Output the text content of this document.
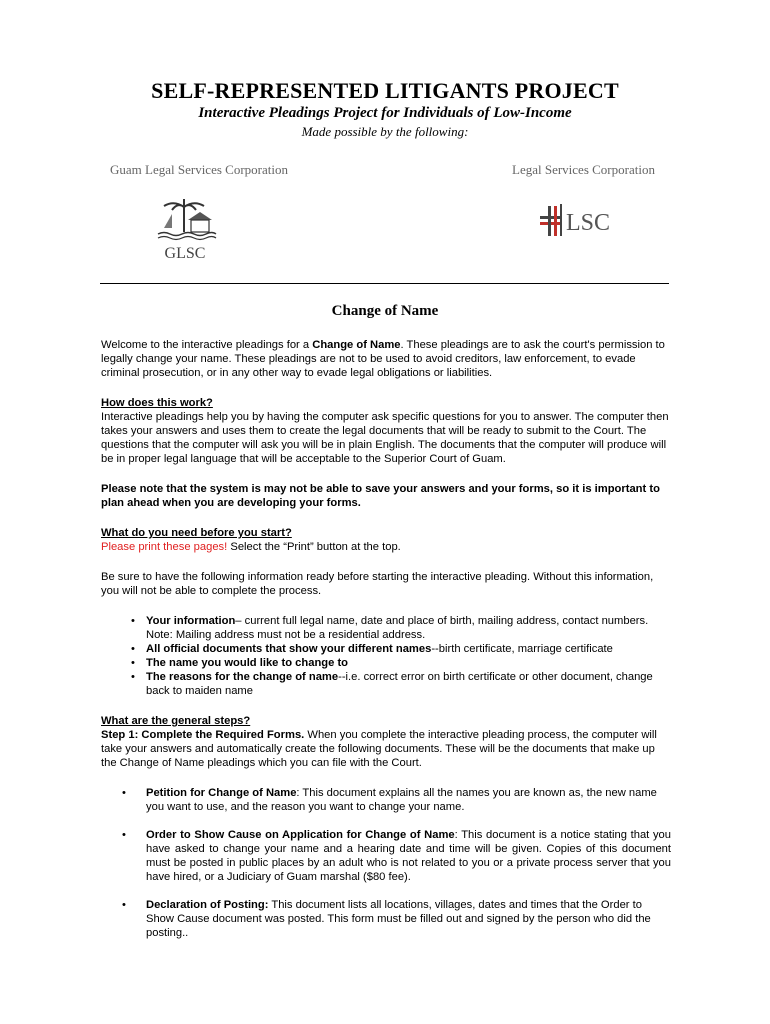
SELF-REPRESENTED LITIGANTS PROJECT
Interactive Pleadings Project for Individuals of Low-Income
Made possible by the following:
Guam Legal Services Corporation	Legal Services Corporation
GLSC
LSC
Change of Name

Welcome to the interactive pleadings for a Change of Name. These pleadings are to ask the court's permission to legally change your name. These pleadings are not to be used to avoid creditors, law enforcement, to evade criminal prosecution, or in any other way to evade legal obligations or liabilities.

How does this work?

Interactive pleadings help you by having the computer ask specific questions for you to answer. The computer then takes your answers and uses them to create the legal documents that will be ready to submit to the Court. The questions that the computer will ask you will be in plain English. The documents that the computer will produce will be in proper legal language that will be acceptable to the Superior Court of Guam.

Please note that the system is may not be able to save your answers and your forms, so it is important to plan ahead when you are developing your forms.

What do you need before you start?

Please print these pages! Select the “Print” button at the top.

Be sure to have the following information ready before starting the interactive pleading. Without this information, you will not be able to complete the process.

• Your information– current full legal name, date and place of birth, mailing address, contact numbers. Note: Mailing address must not be a residential address.
• All official documents that show your different names--birth certificate, marriage certificate
• The name you would like to change to
• The reasons for the change of name--i.e. correct error on birth certificate or other document, change back to maiden name

What are the general steps?

Step 1: Complete the Required Forms. When you complete the interactive pleading process, the computer will take your answers and automatically create the following documents. These will be the documents that make up the Change of Name pleadings which you can file with the Court.

• Petition for Change of Name: This document explains all the names you are known as, the new name you want to use, and the reason you want to change your name.
• Order to Show Cause on Application for Change of Name: This document is a notice stating that you have asked to change your name and a hearing date and time will be given. Copies of this document must be posted in public places by an adult who is not related to you or a private process server that you have hired, or a Judiciary of Guam marshal ($80 fee).
• Declaration of Posting: This document lists all locations, villages, dates and times that the Order to Show Cause document was posted. This form must be filled out and signed by the person who did the posting..
